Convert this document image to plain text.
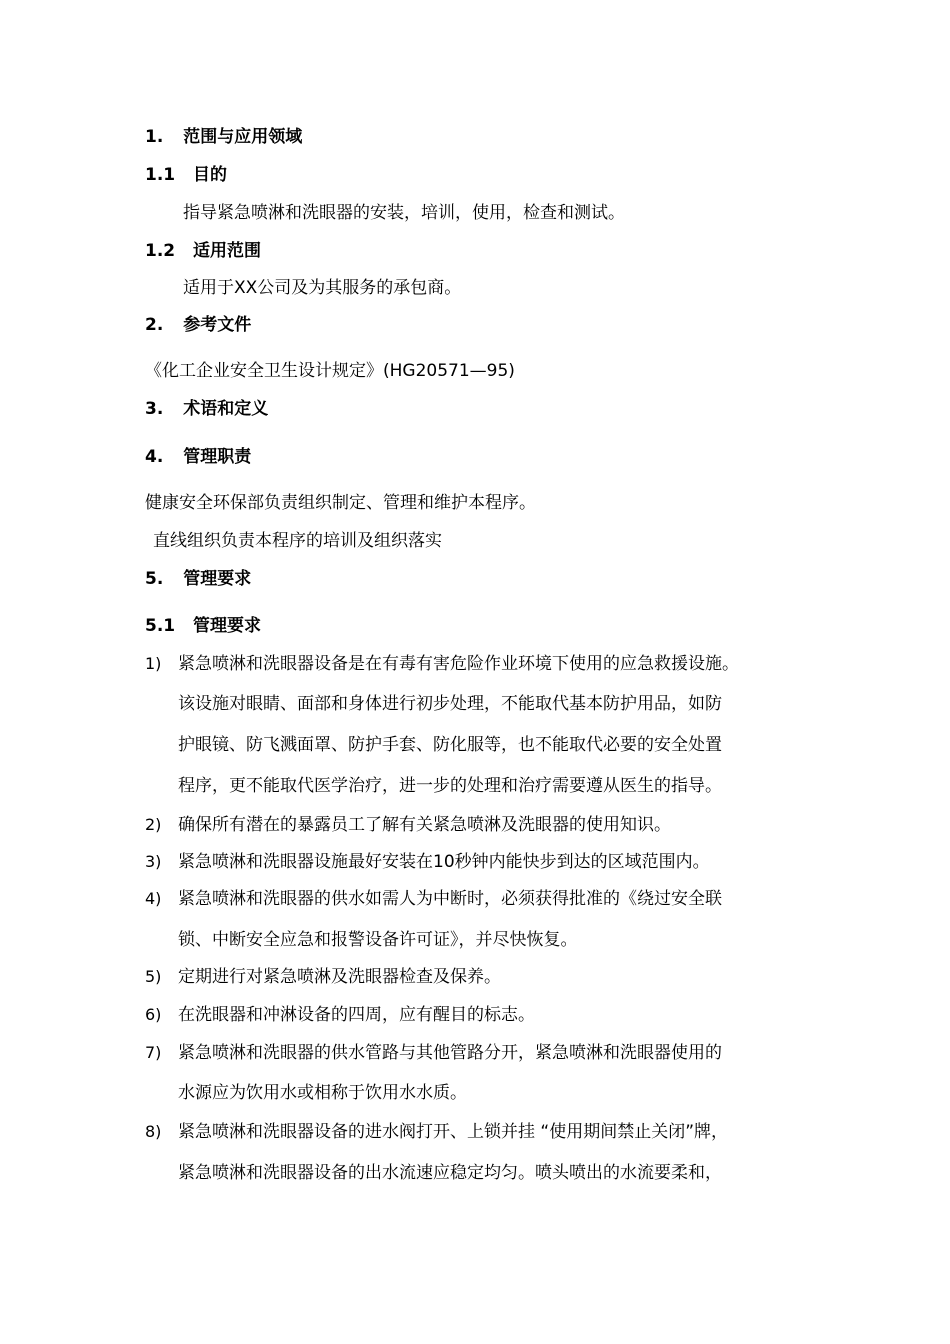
1. 范围与应用领域
1.1 目的
指导紧急喷淋和洗眼器的安装，培训，使用，检查和测试。
1.2 适用范围
适用于XX公司及为其服务的承包商。
2. 参考文件
《化工企业安全卫生设计规定》(HG20571—95)
3. 术语和定义
4. 管理职责
健康安全环保部负责组织制定、管理和维护本程序。
直线组织负责本程序的培训及组织落实
5. 管理要求
5.1 管理要求
1) 紧急喷淋和洗眼器设备是在有毒有害危险作业环境下使用的应急救援设施。
该设施对眼睛、面部和身体进行初步处理，不能取代基本防护用品，如防
护眼镜、防飞溅面罩、防护手套、防化服等，也不能取代必要的安全处置
程序，更不能取代医学治疗，进一步的处理和治疗需要遵从医生的指导。
2) 确保所有潜在的暴露员工了解有关紧急喷淋及洗眼器的使用知识。
3) 紧急喷淋和洗眼器设施最好安装在10秒钟内能快步到达的区域范围内。
4) 紧急喷淋和洗眼器的供水如需人为中断时，必须获得批准的《绕过安全联
锁、中断安全应急和报警设备许可证》，并尽快恢复。
5) 定期进行对紧急喷淋及洗眼器检查及保养。
6) 在洗眼器和冲淋设备的四周，应有醒目的标志。
7) 紧急喷淋和洗眼器的供水管路与其他管路分开，紧急喷淋和洗眼器使用的
水源应为饮用水或相称于饮用水水质。
8) 紧急喷淋和洗眼器设备的进水阀打开、上锁并挂 “使用期间禁止关闭”牌，
紧急喷淋和洗眼器设备的出水流速应稳定均匀。喷头喷出的水流要柔和，
